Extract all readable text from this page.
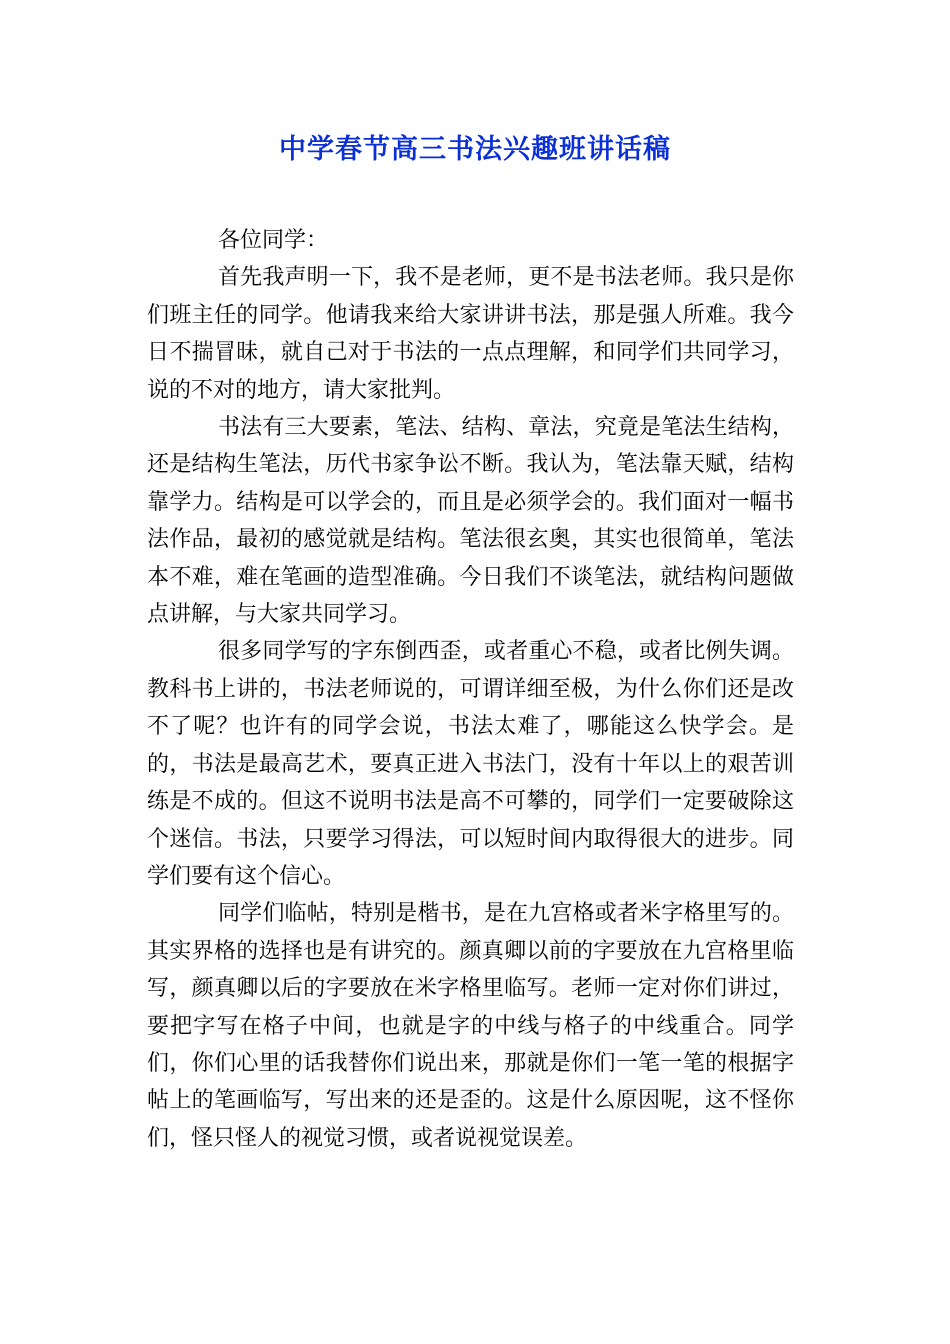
中学春节高三书法兴趣班讲话稿

各位同学：

首先我声明一下，我不是老师，更不是书法老师。我只是你们班主任的同学。他请我来给大家讲讲书法，那是强人所难。我今日不揣冒昧，就自己对于书法的一点点理解，和同学们共同学习，说的不对的地方，请大家批判。

书法有三大要素，笔法、结构、章法，究竟是笔法生结构，还是结构生笔法，历代书家争讼不断。我认为，笔法靠天赋，结构靠学力。结构是可以学会的，而且是必须学会的。我们面对一幅书法作品，最初的感觉就是结构。笔法很玄奥，其实也很简单，笔法本不难，难在笔画的造型准确。今日我们不谈笔法，就结构问题做点讲解，与大家共同学习。

很多同学写的字东倒西歪，或者重心不稳，或者比例失调。教科书上讲的，书法老师说的，可谓详细至极，为什么你们还是改不了呢？也许有的同学会说，书法太难了，哪能这么快学会。是的，书法是最高艺术，要真正进入书法门，没有十年以上的艰苦训练是不成的。但这不说明书法是高不可攀的，同学们一定要破除这个迷信。书法，只要学习得法，可以短时间内取得很大的进步。同学们要有这个信心。

同学们临帖，特别是楷书，是在九宫格或者米字格里写的。其实界格的选择也是有讲究的。颜真卿以前的字要放在九宫格里临写，颜真卿以后的字要放在米字格里临写。老师一定对你们讲过，要把字写在格子中间，也就是字的中线与格子的中线重合。同学们，你们心里的话我替你们说出来，那就是你们一笔一笔的根据字帖上的笔画临写，写出来的还是歪的。这是什么原因呢，这不怪你们，怪只怪人的视觉习惯，或者说视觉误差。
